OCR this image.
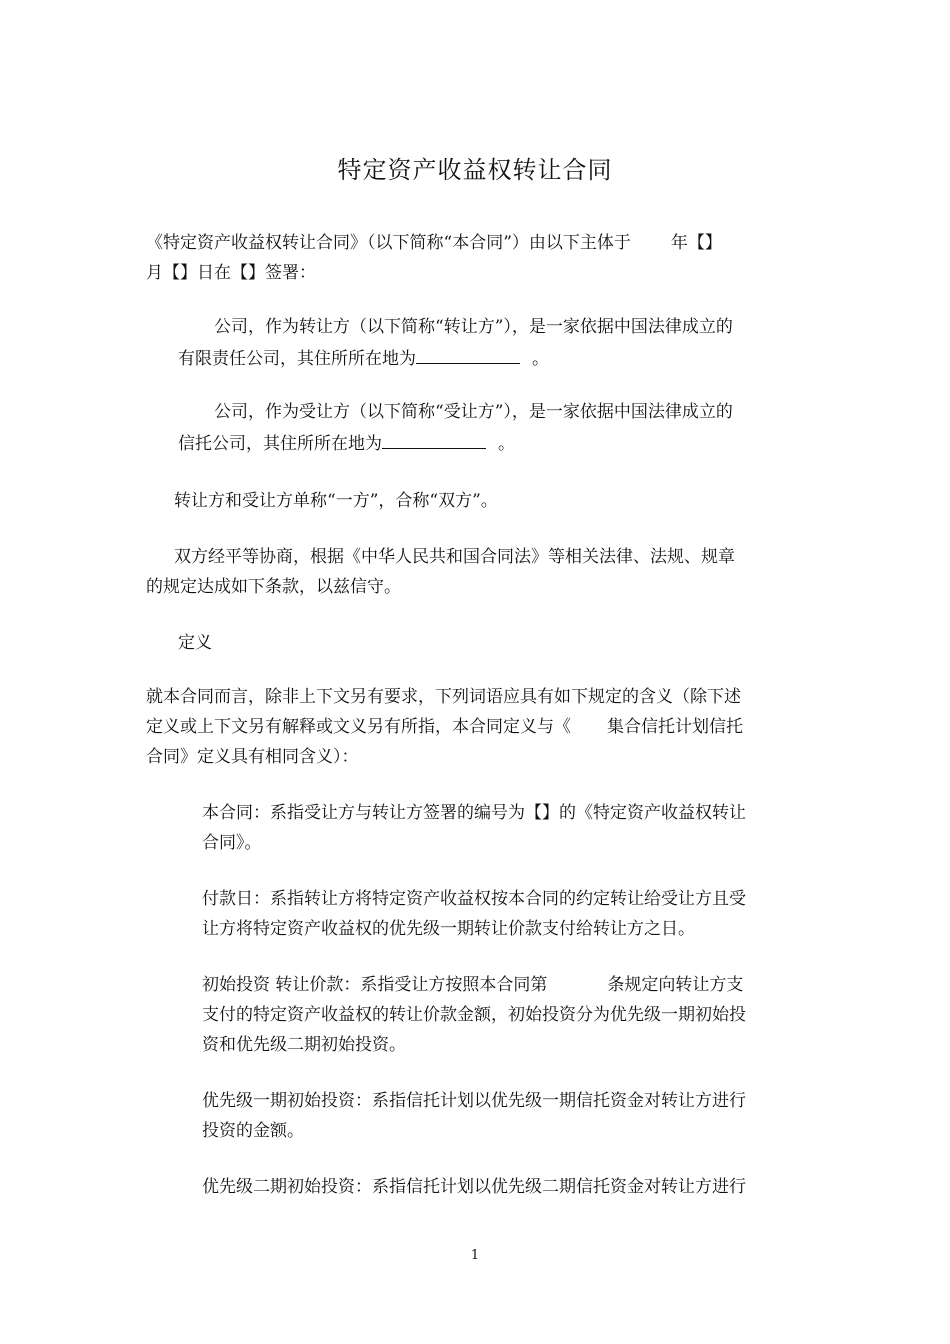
特定资产收益权转让合同
《特定资产收益权转让合同》（以下简称“本合同”）由以下主体于 年【】
月【】日在【】签署：
公司，作为转让方（以下简称“转让方”），是一家依据中国法律成立的
有限责任公司，其住所所在地为	。
公司，作为受让方（以下简称“受让方”），是一家依据中国法律成立的
信托公司，其住所所在地为	。
转让方和受让方单称“一方”，合称“双方”。
双方经平等协商，根据《中华人民共和国合同法》等相关法律、法规、规章
的规定达成如下条款，以兹信守。
定义
就本合同而言，除非上下文另有要求，下列词语应具有如下规定的含义（除下述
定义或上下文另有解释或文义另有所指，本合同定义与《 集合信托计划信托
合同》定义具有相同含义）：
本合同：系指受让方与转让方签署的编号为【】的《特定资产收益权转让
合同》。
付款日：系指转让方将特定资产收益权按本合同的约定转让给受让方且受
让方将特定资产收益权的优先级一期转让价款支付给转让方之日。
初始投资 转让价款：系指受让方按照本合同第	条规定向转让方支
支付的特定资产收益权的转让价款金额，初始投资分为优先级一期初始投
资和优先级二期初始投资。
优先级一期初始投资：系指信托计划以优先级一期信托资金对转让方进行
投资的金额。
优先级二期初始投资：系指信托计划以优先级二期信托资金对转让方进行
1
